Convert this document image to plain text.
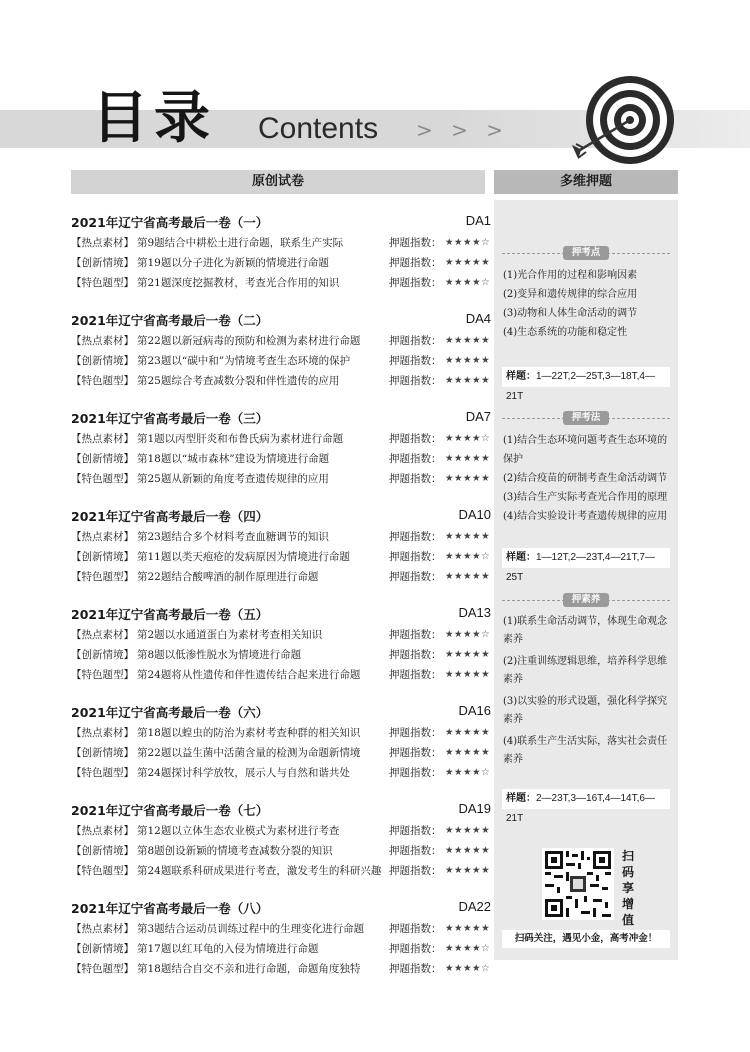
目录 Contents > > >
原创试卷	多维押题
2021年辽宁省高考最后一卷（一）	DA1
【热点素材】 第9题结合中耕松土进行命题，联系生产实际	押题指数： ★★★★☆
【创新情境】 第19题以分子进化为新颖的情境进行命题	押题指数： ★★★★★
【特色题型】 第21题深度挖掘教材，考查光合作用的知识	押题指数： ★★★★☆
2021年辽宁省高考最后一卷（二）	DA4
【热点素材】 第22题以新冠病毒的预防和检测为素材进行命题	押题指数： ★★★★★
【创新情境】 第23题以“碳中和”为情境考查生态环境的保护	押题指数： ★★★★★
【特色题型】 第25题综合考查减数分裂和伴性遗传的应用	押题指数： ★★★★★
2021年辽宁省高考最后一卷（三）	DA7
【热点素材】 第1题以丙型肝炎和布鲁氏病为素材进行命题	押题指数： ★★★★☆
【创新情境】 第18题以“城市森林”建设为情境进行命题	押题指数： ★★★★★
【特色题型】 第25题从新颖的角度考查遗传规律的应用	押题指数： ★★★★★
2021年辽宁省高考最后一卷（四）	DA10
【热点素材】 第23题结合多个材料考查血糖调节的知识	押题指数： ★★★★★
【创新情境】 第11题以类天疱疮的发病原因为情境进行命题	押题指数： ★★★★☆
【特色题型】 第22题结合酸啤酒的制作原理进行命题	押题指数： ★★★★★
2021年辽宁省高考最后一卷（五）	DA13
【热点素材】 第2题以水通道蛋白为素材考查相关知识	押题指数： ★★★★☆
【创新情境】 第8题以低渗性脱水为情境进行命题	押题指数： ★★★★★
【特色题型】 第24题将从性遗传和伴性遗传结合起来进行命题	押题指数： ★★★★★
2021年辽宁省高考最后一卷（六）	DA16
【热点素材】 第18题以蝗虫的防治为素材考查种群的相关知识	押题指数： ★★★★★
【创新情境】 第22题以益生菌中活菌含量的检测为命题新情境	押题指数： ★★★★★
【特色题型】 第24题探讨科学放牧，展示人与自然和谐共处	押题指数： ★★★★☆
2021年辽宁省高考最后一卷（七）	DA19
【热点素材】 第12题以立体生态农业模式为素材进行考查	押题指数： ★★★★★
【创新情境】 第8题创设新颖的情境考查减数分裂的知识	押题指数： ★★★★★
【特色题型】 第24题联系科研成果进行考查，激发考生的科研兴趣 押题指数： ★★★★★
2021年辽宁省高考最后一卷（八）	DA22
【热点素材】 第3题结合运动员训练过程中的生理变化进行命题 押题指数： ★★★★★
【创新情境】 第17题以红耳龟的入侵为情境进行命题	押题指数： ★★★★☆
【特色题型】 第18题结合自交不亲和进行命题，命题角度独特	押题指数： ★★★★☆
押考点
(1)光合作用的过程和影响因素
(2)变异和遗传规律的综合应用
(3)动物和人体生命活动的调节
(4)生态系统的功能和稳定性
样题：1—22T,2—25T,3—18T,4—21T
押考法
(1)结合生态环境问题考查生态环境的保护
(2)结合疫苗的研制考查生命活动调节
(3)结合生产实际考查光合作用的原理
(4)结合实验设计考查遗传规律的应用
样题：1—12T,2—23T,4—21T,7—25T
押素养
(1)联系生命活动调节，体现生命观念素养
(2)注重训练逻辑思维，培养科学思维素养
(3)以实验的形式设题，强化科学探究素养
(4)联系生产生活实际，落实社会责任素养
样题：2—23T,3—16T,4—14T,6—21T
扫码享增值
扫码关注，遇见小金，高考冲金！
